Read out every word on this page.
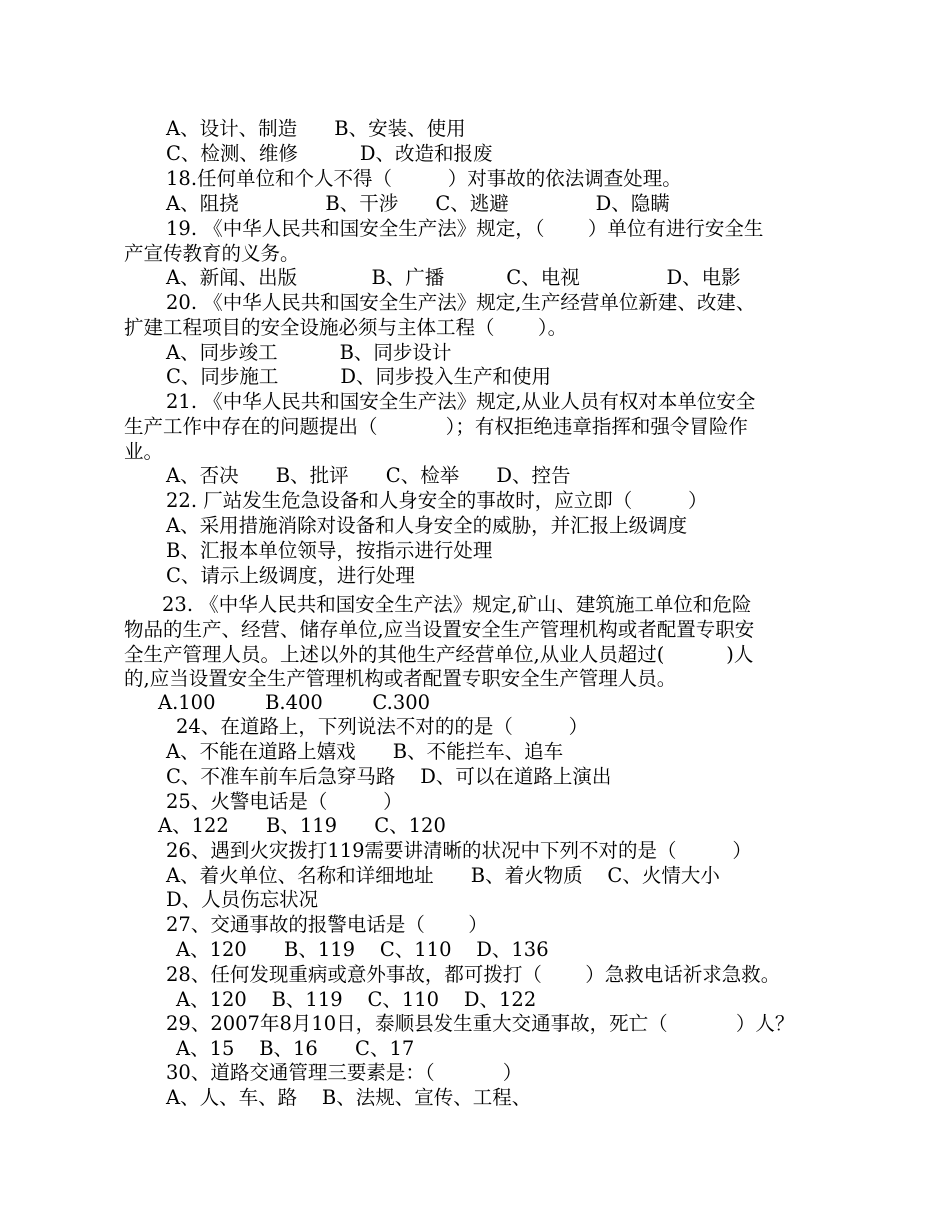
A、设计、制造      B、安装、使用
C、检测、维修          D、改造和报废
18.任何单位和个人不得（         ）对事故的依法调查处理。
A、阻挠              B、干涉      C、逃避              D、隐瞒
19. 《中华人民共和国安全生产法》规定，（       ）单位有进行安全生
产宣传教育的义务。
A、新闻、出版            B、广播          C、电视              D、电影
20. 《中华人民共和国安全生产法》规定,生产经营单位新建、改建、
扩建工程项目的安全设施必须与主体工程（       ）。
A、同步竣工          B、同步设计
C、同步施工          D、同步投入生产和使用
21. 《中华人民共和国安全生产法》规定,从业人员有权对本单位安全
生产工作中存在的问题提出（           ）；有权拒绝违章指挥和强令冒险作
业。
A、否决      B、批评      C、检举      D、控告
22. 厂站发生危急设备和人身安全的事故时，应立即（         ）
A、采用措施消除对设备和人身安全的威胁，并汇报上级调度
B、汇报本单位领导，按指示进行处理
C、请示上级调度，进行处理
23. 《中华人民共和国安全生产法》规定,矿山、建筑施工单位和危险
物品的生产、经营、储存单位,应当设置安全生产管理机构或者配置专职安
全生产管理人员。上述以外的其他生产经营单位,从业人员超过(          )人
的,应当设置安全生产管理机构或者配置专职安全生产管理人员。
A.100        B.400        C.300
24、在道路上，下列说法不对的的是（         ）
A、不能在道路上嬉戏      B、不能拦车、追车
C、不准车前车后急穿马路    D、可以在道路上演出
25、火警电话是（         ）
A、122      B、119      C、120
26、遇到火灾拨打119需要讲清晰的状况中下列不对的是（         ）
A、着火单位、名称和详细地址      B、着火物质    C、火情大小
D、人员伤忘状况
27、交通事故的报警电话是（       ）
A、120      B、119    C、110    D、136
28、任何发现重病或意外事故，都可拨打（       ）急救电话祈求急救。
A、120    B、119    C、110    D、122
29、2007年8月10日，泰顺县发生重大交通事故，死亡（           ）人？
A、15    B、16      C、17
30、道路交通管理三要素是：（           ）
A、人、车、路    B、法规、宣传、工程、
